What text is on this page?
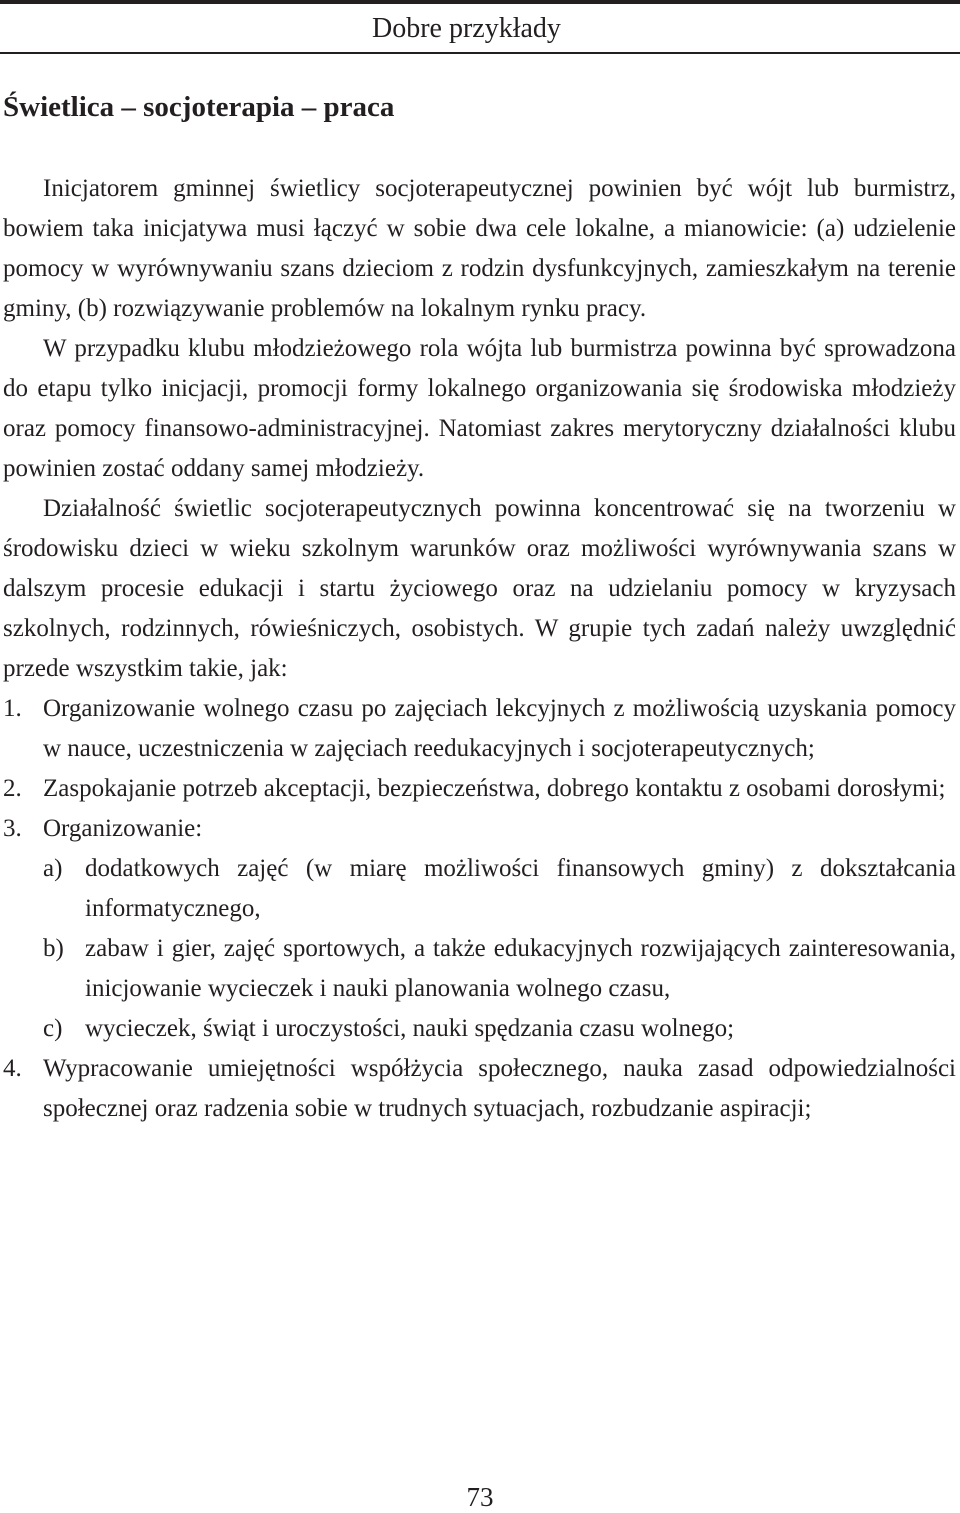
Dobre przykłady
Świetlica – socjoterapia – praca

Inicjatorem gminnej świetlicy socjoterapeutycznej powinien być wójt lub burmistrz, bowiem taka inicjatywa musi łączyć w sobie dwa cele lokalne, a mianowicie: (a) udzielenie pomocy w wyrównywaniu szans dzieciom z rodzin dysfunkcyjnych, zamieszkałym na terenie gminy, (b) rozwiązywanie problemów na lokalnym rynku pracy.

W przypadku klubu młodzieżowego rola wójta lub burmistrza powinna być sprowadzona do etapu tylko inicjacji, promocji formy lokalnego organizowania się środowiska młodzieży oraz pomocy finansowo-administracyjnej. Natomiast zakres merytoryczny działalności klubu powinien zostać oddany samej młodzieży.

Działalność świetlic socjoterapeutycznych powinna koncentrować się na tworzeniu w środowisku dzieci w wieku szkolnym warunków oraz możliwości wyrównywania szans w dalszym procesie edukacji i startu życiowego oraz na udzielaniu pomocy w kryzysach szkolnych, rodzinnych, rówieśniczych, osobistych. W grupie tych zadań należy uwzględnić przede wszystkim takie, jak:

1. Organizowanie wolnego czasu po zajęciach lekcyjnych z możliwością uzyskania pomocy w nauce, uczestniczenia w zajęciach reedukacyjnych i socjoterapeutycznych;
2. Zaspokajanie potrzeb akceptacji, bezpieczeństwa, dobrego kontaktu z osobami dorosłymi;
3. Organizowanie:
a) dodatkowych zajęć (w miarę możliwości finansowych gminy) z dokształcania informatycznego,
b) zabaw i gier, zajęć sportowych, a także edukacyjnych rozwijających zainteresowania, inicjowanie wycieczek i nauki planowania wolnego czasu,
c) wycieczek, świąt i uroczystości, nauki spędzania czasu wolnego;
4. Wypracowanie umiejętności współżycia społecznego, nauka zasad odpowiedzialności społecznej oraz radzenia sobie w trudnych sytuacjach, rozbudzanie aspiracji;
73
